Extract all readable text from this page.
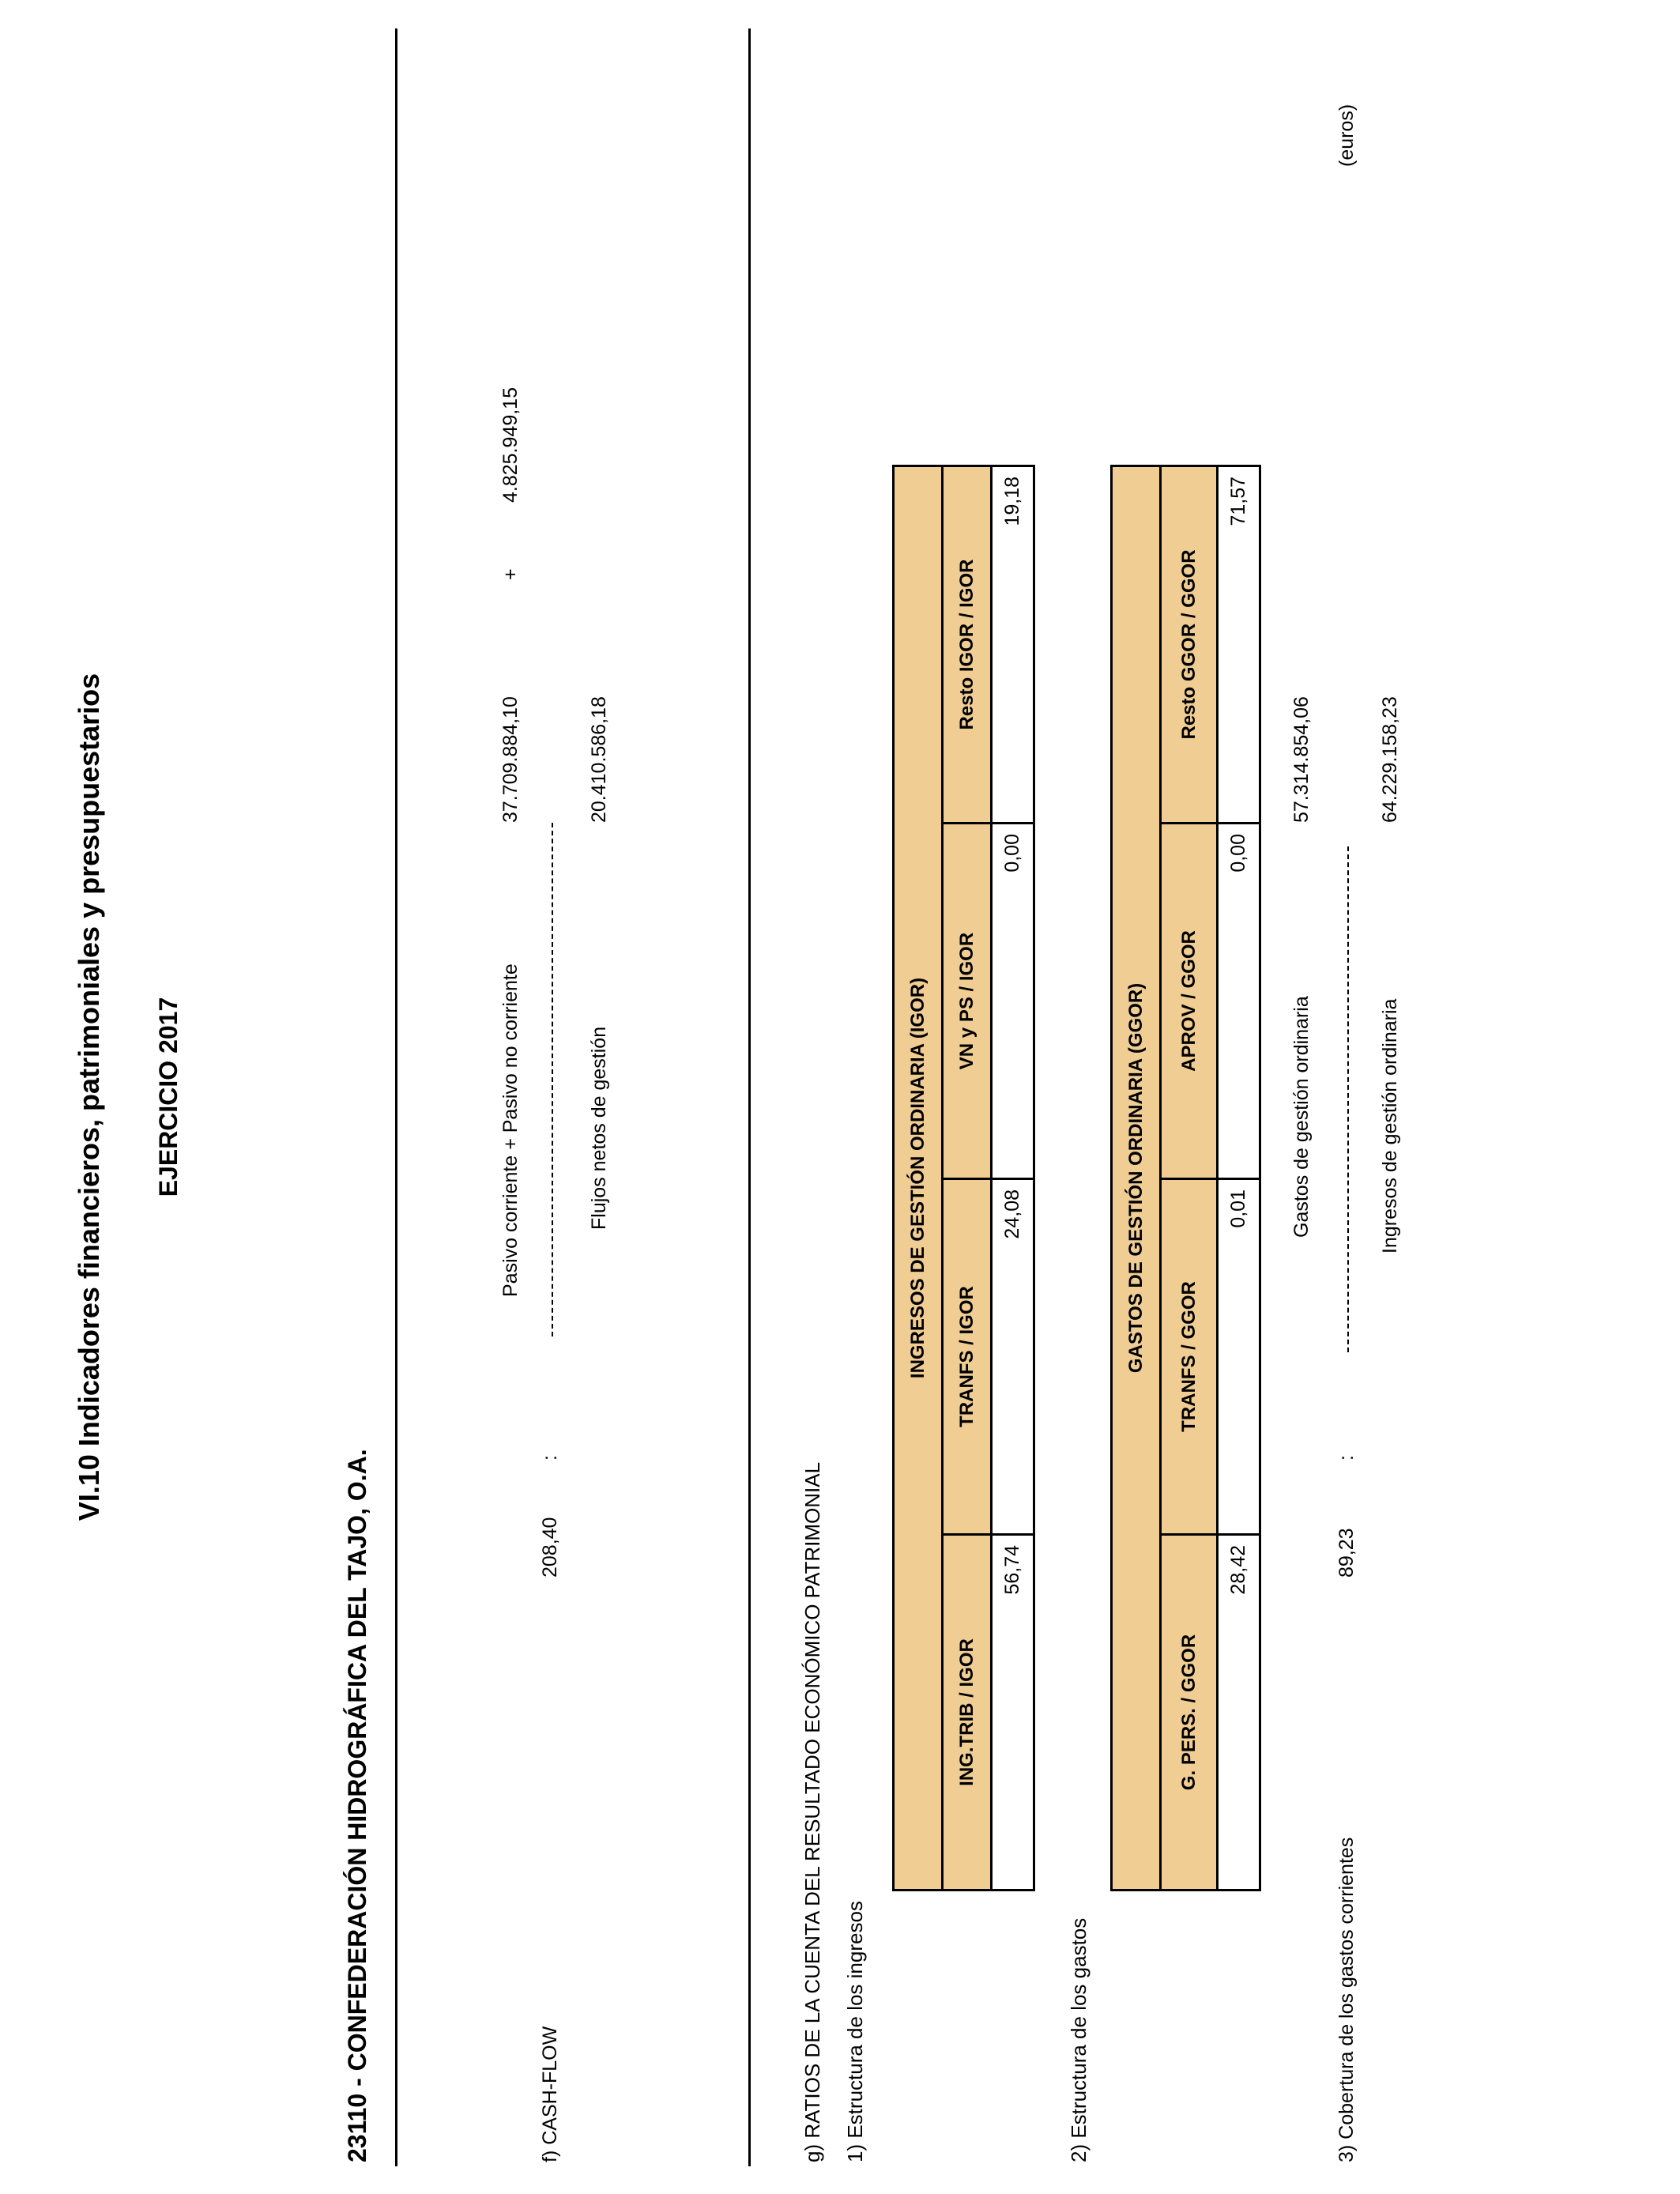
VI.10 Indicadores financieros, patrimoniales y presupuestarios EJERCICIO 2017
23110 - CONFEDERACIÓN HIDROGRÁFICA DEL TAJO, O.A.
(euros)
f) CASH-FLOW
208,40
:
Pasivo corriente + Pasivo no corriente	Flujos netos de gestión
37.709.884,10
+
4.825.949,15
20.410.586,18
g) RATIOS DE LA CUENTA DEL RESULTADO ECONÓMICO PATRIMONIAL 1) Estructura de los ingresos
INGRESOS DE GESTIÓN ORDINARIA (IGOR)			
ING.TRIB / IGOR	TRANFS / IGOR	VN y PS / IGOR	Resto IGOR / IGOR
56,74	24,08	0,00	19,18
2) Estructura de los gastos
GASTOS DE GESTIÓN ORDINARIA (GGOR)			
G. PERS. / GGOR	TRANFS / GGOR	APROV / GGOR	Resto GGOR / GGOR
28,42	0,01	0,00	71,57
3) Cobertura de los gastos corrientes
89,23
:
Gastos de gestión ordinaria	Ingresos de gestión ordinaria
57.314.854,06	64.229.158,23
